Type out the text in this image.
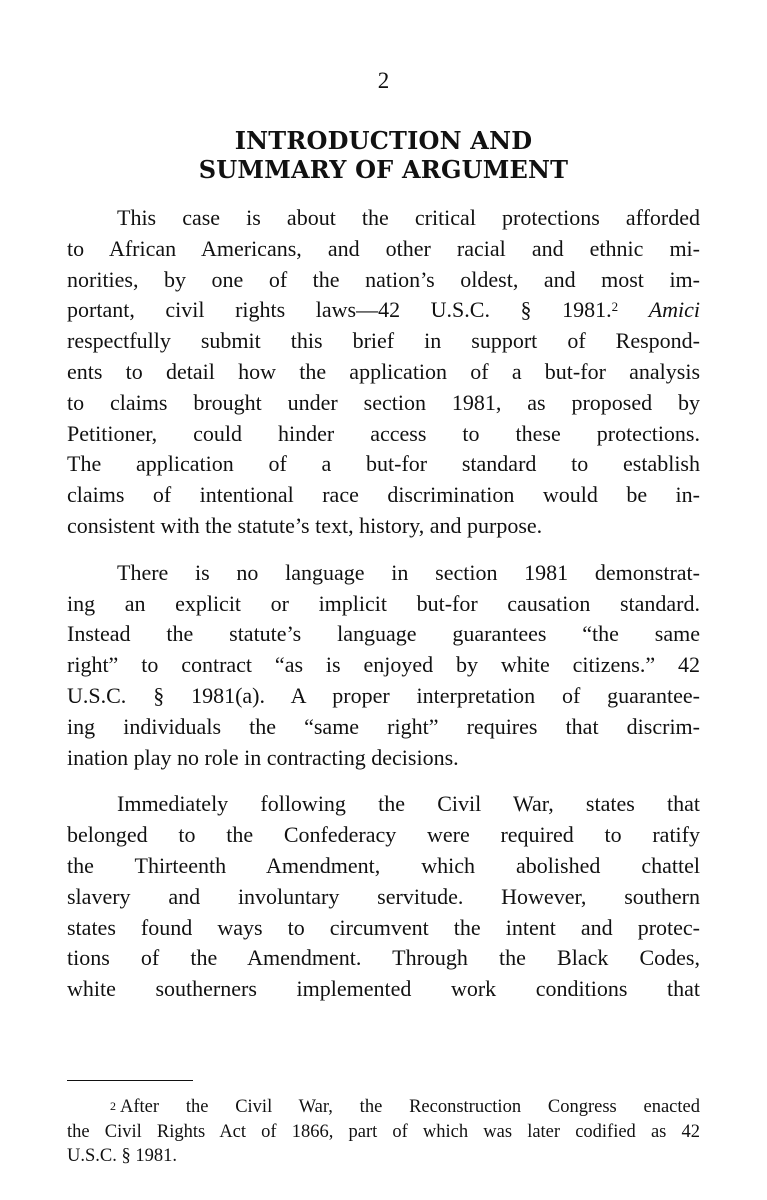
2
INTRODUCTION AND
SUMMARY OF ARGUMENT

This case is about the critical protections afforded
to African Americans, and other racial and ethnic mi-
norities, by one of the nation’s oldest, and most im-
portant, civil rights laws—42 U.S.C. § 1981.$^2$ Amici
respectfully submit this brief in support of Respond-
ents to detail how the application of a but-for analysis
to claims brought under section 1981, as proposed by
Petitioner, could hinder access to these protections.
The application of a but-for standard to establish
claims of intentional race discrimination would be in-
consistent with the statute’s text, history, and purpose.

There is no language in section 1981 demonstrat-
ing an explicit or implicit but-for causation standard.
Instead the statute’s language guarantees “the same
right” to contract “as is enjoyed by white citizens.” 42
U.S.C. § 1981(a). A proper interpretation of guarantee-
ing individuals the “same right” requires that discrim-
ination play no role in contracting decisions.

Immediately following the Civil War, states that
belonged to the Confederacy were required to ratify
the Thirteenth Amendment, which abolished chattel
slavery and involuntary servitude. However, southern
states found ways to circumvent the intent and protec-
tions of the Amendment. Through the Black Codes,
white southerners implemented work conditions that

$^2$ After the Civil War, the Reconstruction Congress enacted
the Civil Rights Act of 1866, part of which was later codified as 42
U.S.C. § 1981.
